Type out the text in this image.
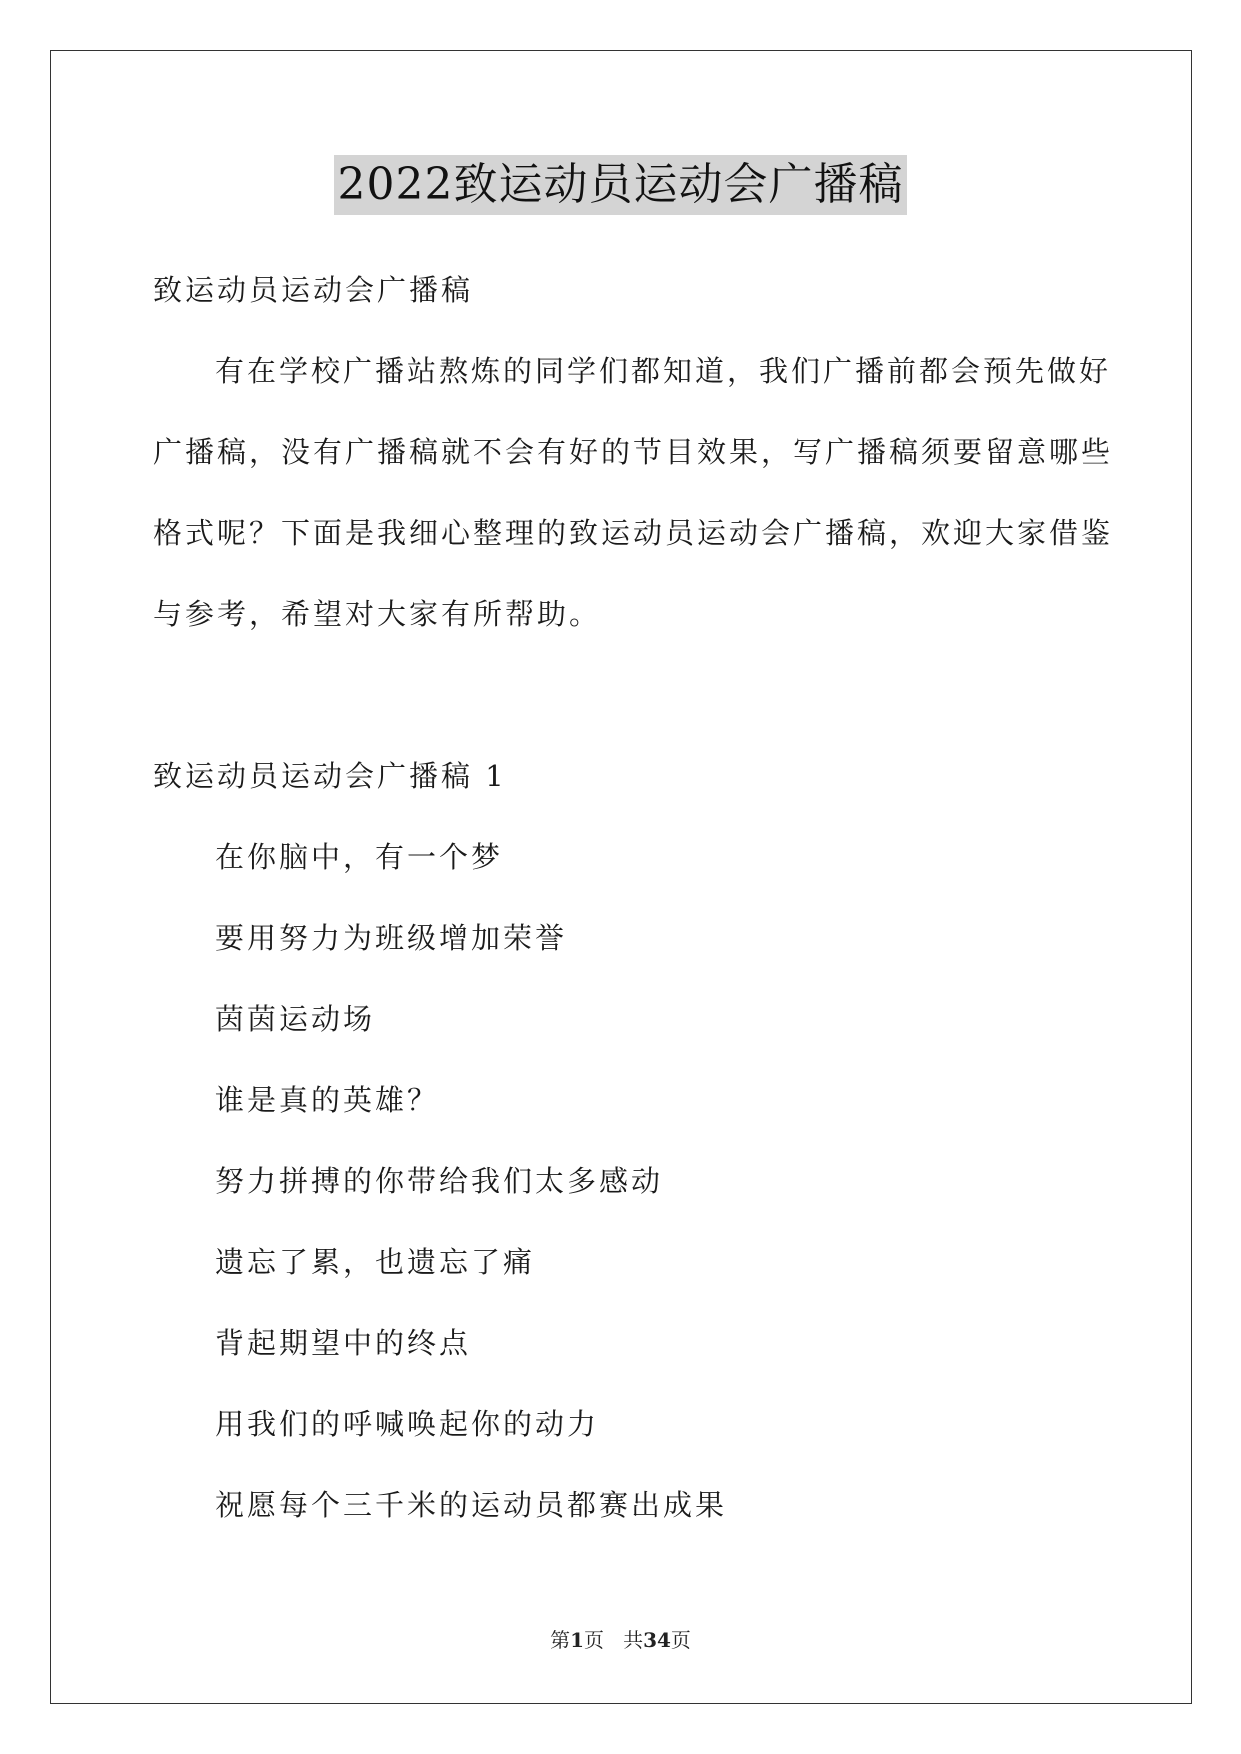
2022致运动员运动会广播稿
致运动员运动会广播稿
有在学校广播站熬炼的同学们都知道，我们广播前都会预先做好
广播稿，没有广播稿就不会有好的节目效果，写广播稿须要留意哪些
格式呢？下面是我细心整理的致运动员运动会广播稿，欢迎大家借鉴
与参考，希望对大家有所帮助。
致运动员运动会广播稿 1
在你脑中，有一个梦
要用努力为班级增加荣誉
茵茵运动场
谁是真的英雄？
努力拼搏的你带给我们太多感动
遗忘了累，也遗忘了痛
背起期望中的终点
用我们的呼喊唤起你的动力
祝愿每个三千米的运动员都赛出成果
第1页 共34页
